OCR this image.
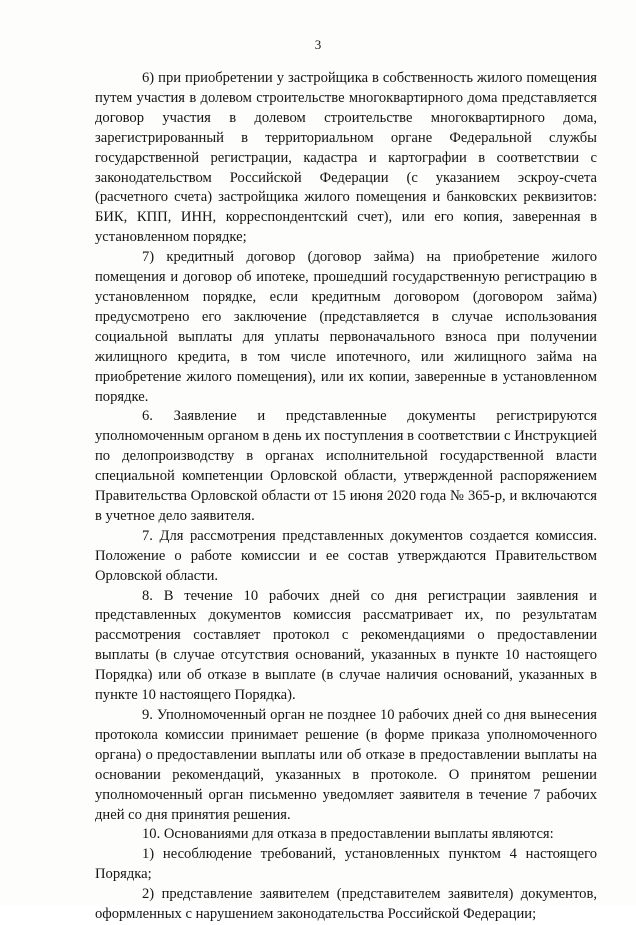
3

6) при приобретении у застройщика в собственность жилого помещения путем участия в долевом строительстве многоквартирного дома представляется договор участия в долевом строительстве многоквартирного дома, зарегистрированный в территориальном органе Федеральной службы государственной регистрации, кадастра и картографии в соответствии с законодательством Российской Федерации (с указанием эскроу-счета (расчетного счета) застройщика жилого помещения и банковских реквизитов: БИК, КПП, ИНН, корреспондентский счет), или его копия, заверенная в установленном порядке;

7) кредитный договор (договор займа) на приобретение жилого помещения и договор об ипотеке, прошедший государственную регистрацию в установленном порядке, если кредитным договором (договором займа) предусмотрено его заключение (представляется в случае использования социальной выплаты для уплаты первоначального взноса при получении жилищного кредита, в том числе ипотечного, или жилищного займа на приобретение жилого помещения), или их копии, заверенные в установленном порядке.

6. Заявление и представленные документы регистрируются уполномоченным органом в день их поступления в соответствии с Инструкцией по делопроизводству в органах исполнительной государственной власти специальной компетенции Орловской области, утвержденной распоряжением Правительства Орловской области от 15 июня 2020 года № 365-р, и включаются в учетное дело заявителя.

7. Для рассмотрения представленных документов создается комиссия. Положение о работе комиссии и ее состав утверждаются Правительством Орловской области.

8. В течение 10 рабочих дней со дня регистрации заявления и представленных документов комиссия рассматривает их, по результатам рассмотрения составляет протокол с рекомендациями о предоставлении выплаты (в случае отсутствия оснований, указанных в пункте 10 настоящего Порядка) или об отказе в выплате (в случае наличия оснований, указанных в пункте 10 настоящего Порядка).

9. Уполномоченный орган не позднее 10 рабочих дней со дня вынесения протокола комиссии принимает решение (в форме приказа уполномоченного органа) о предоставлении выплаты или об отказе в предоставлении выплаты на основании рекомендаций, указанных в протоколе. О принятом решении уполномоченный орган письменно уведомляет заявителя в течение 7 рабочих дней со дня принятия решения.

10. Основаниями для отказа в предоставлении выплаты являются:

1) несоблюдение требований, установленных пунктом 4 настоящего Порядка;

2) представление заявителем (представителем заявителя) документов, оформленных с нарушением законодательства Российской Федерации;
